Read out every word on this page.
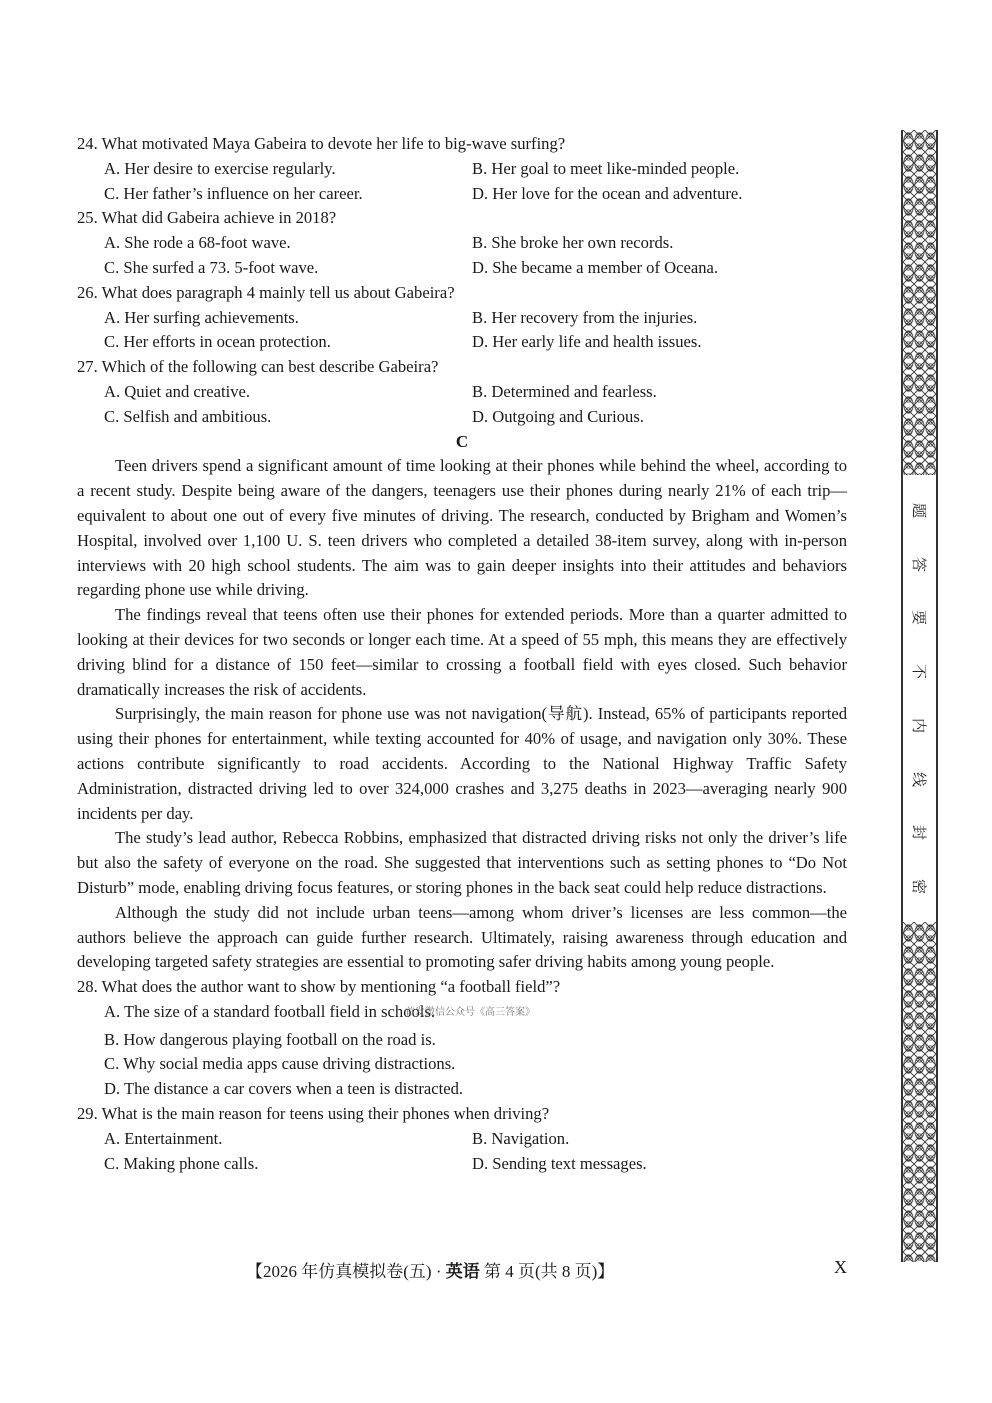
24. What motivated Maya Gabeira to devote her life to big-wave surfing?

A. Her desire to exercise regularly.	B. Her goal to meet like-minded people.
C. Her father’s influence on her career.	D. Her love for the ocean and adventure.

25. What did Gabeira achieve in 2018?

A. She rode a 68-foot wave.	B. She broke her own records.
C. She surfed a 73. 5-foot wave.	D. She became a member of Oceana.

26. What does paragraph 4 mainly tell us about Gabeira?

A. Her surfing achievements.	B. Her recovery from the injuries.
C. Her efforts in ocean protection.	D. Her early life and health issues.

27. Which of the following can best describe Gabeira?

A. Quiet and creative.	B. Determined and fearless.
C. Selfish and ambitious.	D. Outgoing and Curious.

C

Teen drivers spend a significant amount of time looking at their phones while behind the wheel, according to a recent study. Despite being aware of the dangers, teenagers use their phones during nearly 21% of each trip—equivalent to about one out of every five minutes of driving. The research, conducted by Brigham and Women’s Hospital, involved over 1,100 U. S. teen drivers who completed a detailed 38-item survey, along with in-person interviews with 20 high school students. The aim was to gain deeper insights into their attitudes and behaviors regarding phone use while driving.

The findings reveal that teens often use their phones for extended periods. More than a quarter admitted to looking at their devices for two seconds or longer each time. At a speed of 55 mph, this means they are effectively driving blind for a distance of 150 feet—similar to crossing a football field with eyes closed. Such behavior dramatically increases the risk of accidents.

Surprisingly, the main reason for phone use was not navigation(导航). Instead, 65% of participants reported using their phones for entertainment, while texting accounted for 40% of usage, and navigation only 30%. These actions contribute significantly to road accidents. According to the National Highway Traffic Safety Administration, distracted driving led to over 324,000 crashes and 3,275 deaths in 2023—averaging nearly 900 incidents per day.

The study’s lead author, Rebecca Robbins, emphasized that distracted driving risks not only the driver’s life but also the safety of everyone on the road. She suggested that interventions such as setting phones to “Do Not Disturb” mode, enabling driving focus features, or storing phones in the back seat could help reduce distractions.

Although the study did not include urban teens—among whom driver’s licenses are less common—the authors believe the approach can guide further research. Ultimately, raising awareness through education and developing targeted safety strategies are essential to promoting safer driving habits among young people.

28. What does the author want to show by mentioning “a football field”?

A. The size of a standard football field in schools.首发微信公众号《高三答案》
B. How dangerous playing football on the road is.
C. Why social media apps cause driving distractions.
D. The distance a car covers when a teen is distracted.

29. What is the main reason for teens using their phones when driving?

A. Entertainment.	B. Navigation.
C. Making phone calls.	D. Sending text messages.
【2026 年仿真模拟卷(五) · 英语 第 4 页(共 8 页)】	X
题
答
要
不
内
线
封
密
